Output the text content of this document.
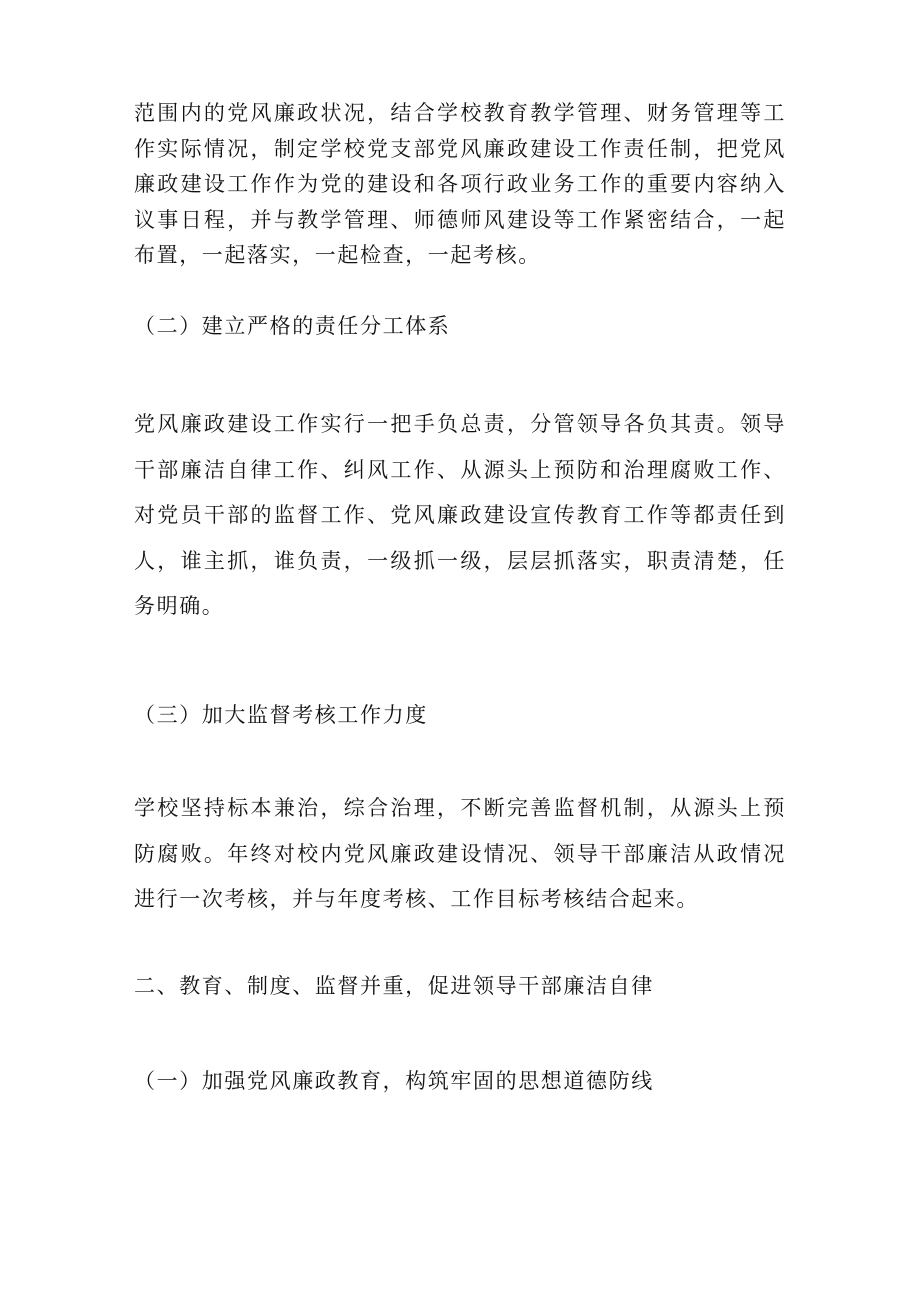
范围内的党风廉政状况，结合学校教育教学管理、财务管理等工作实际情况，制定学校党支部党风廉政建设工作责任制，把党风廉政建设工作作为党的建设和各项行政业务工作的重要内容纳入议事日程，并与教学管理、师德师风建设等工作紧密结合，一起布置，一起落实，一起检查，一起考核。

（二）建立严格的责任分工体系

党风廉政建设工作实行一把手负总责，分管领导各负其责。领导干部廉洁自律工作、纠风工作、从源头上预防和治理腐败工作、对党员干部的监督工作、党风廉政建设宣传教育工作等都责任到人，谁主抓，谁负责，一级抓一级，层层抓落实，职责清楚，任务明确。

（三）加大监督考核工作力度

学校坚持标本兼治，综合治理，不断完善监督机制，从源头上预防腐败。年终对校内党风廉政建设情况、领导干部廉洁从政情况进行一次考核，并与年度考核、工作目标考核结合起来。

二、教育、制度、监督并重，促进领导干部廉洁自律
（一）加强党风廉政教育，构筑牢固的思想道德防线
